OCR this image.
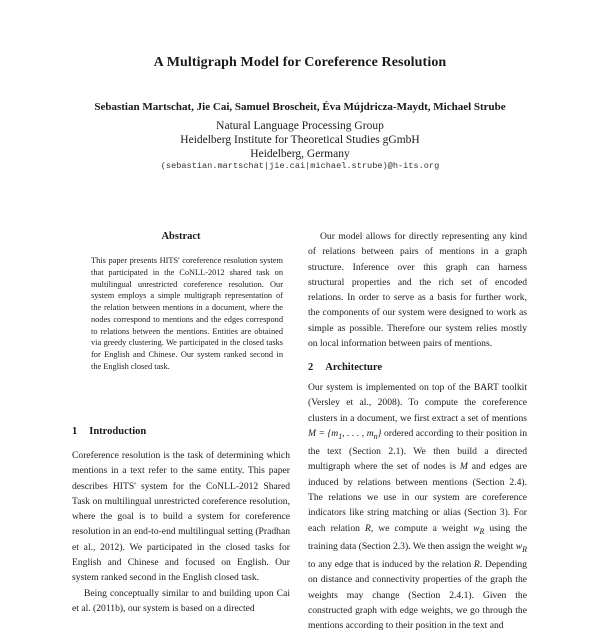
A Multigraph Model for Coreference Resolution
Sebastian Martschat, Jie Cai, Samuel Broscheit, Éva Mújdricza-Maydt, Michael Strube
Natural Language Processing Group
Heidelberg Institute for Theoretical Studies gGmbH
Heidelberg, Germany
(sebastian.martschat|jie.cai|michael.strube)@h-its.org
Abstract
This paper presents HITS' coreference resolution system that participated in the CoNLL-2012 shared task on multilingual unrestricted coreference resolution. Our system employs a simple multigraph representation of the relation between mentions in a document, where the nodes correspond to mentions and the edges correspond to relations between the mentions. Entities are obtained via greedy clustering. We participated in the closed tasks for English and Chinese. Our system ranked second in the English closed task.
1 Introduction

Coreference resolution is the task of determining which mentions in a text refer to the same entity. This paper describes HITS' system for the CoNLL-2012 Shared Task on multilingual unrestricted coreference resolution, where the goal is to build a system for coreference resolution in an end-to-end multilingual setting (Pradhan et al., 2012). We participated in the closed tasks for English and Chinese and focused on English. Our system ranked second in the English closed task.

Being conceptually similar to and building upon Cai et al. (2011b), our system is based on a directed

Our model allows for directly representing any kind of relations between pairs of mentions in a graph structure. Inference over this graph can harness structural properties and the rich set of encoded relations. In order to serve as a basis for further work, the components of our system were designed to work as simple as possible. Therefore our system relies mostly on local information between pairs of mentions.

2 Architecture

Our system is implemented on top of the BART toolkit (Versley et al., 2008). To compute the coreference clusters in a document, we first extract a set of mentions $M = \{m_1$, . . . , $m_n$} ordered according to their position in the text (Section 2.1). We then build a directed multigraph where the set of nodes is M and edges are induced by relations between mentions (Section 2.4). The relations we use in our system are coreference indicators like string matching or alias (Section 3). For each relation R, we compute a weight $w_R$ using the training data (Section 2.3). We then assign the weight $w_R$ to any edge that is induced by the relation R. Depending on distance and connectivity properties of the graph the weights may change (Section 2.4.1). Given the constructed graph with edge weights, we go through the mentions according to their position in the text and
